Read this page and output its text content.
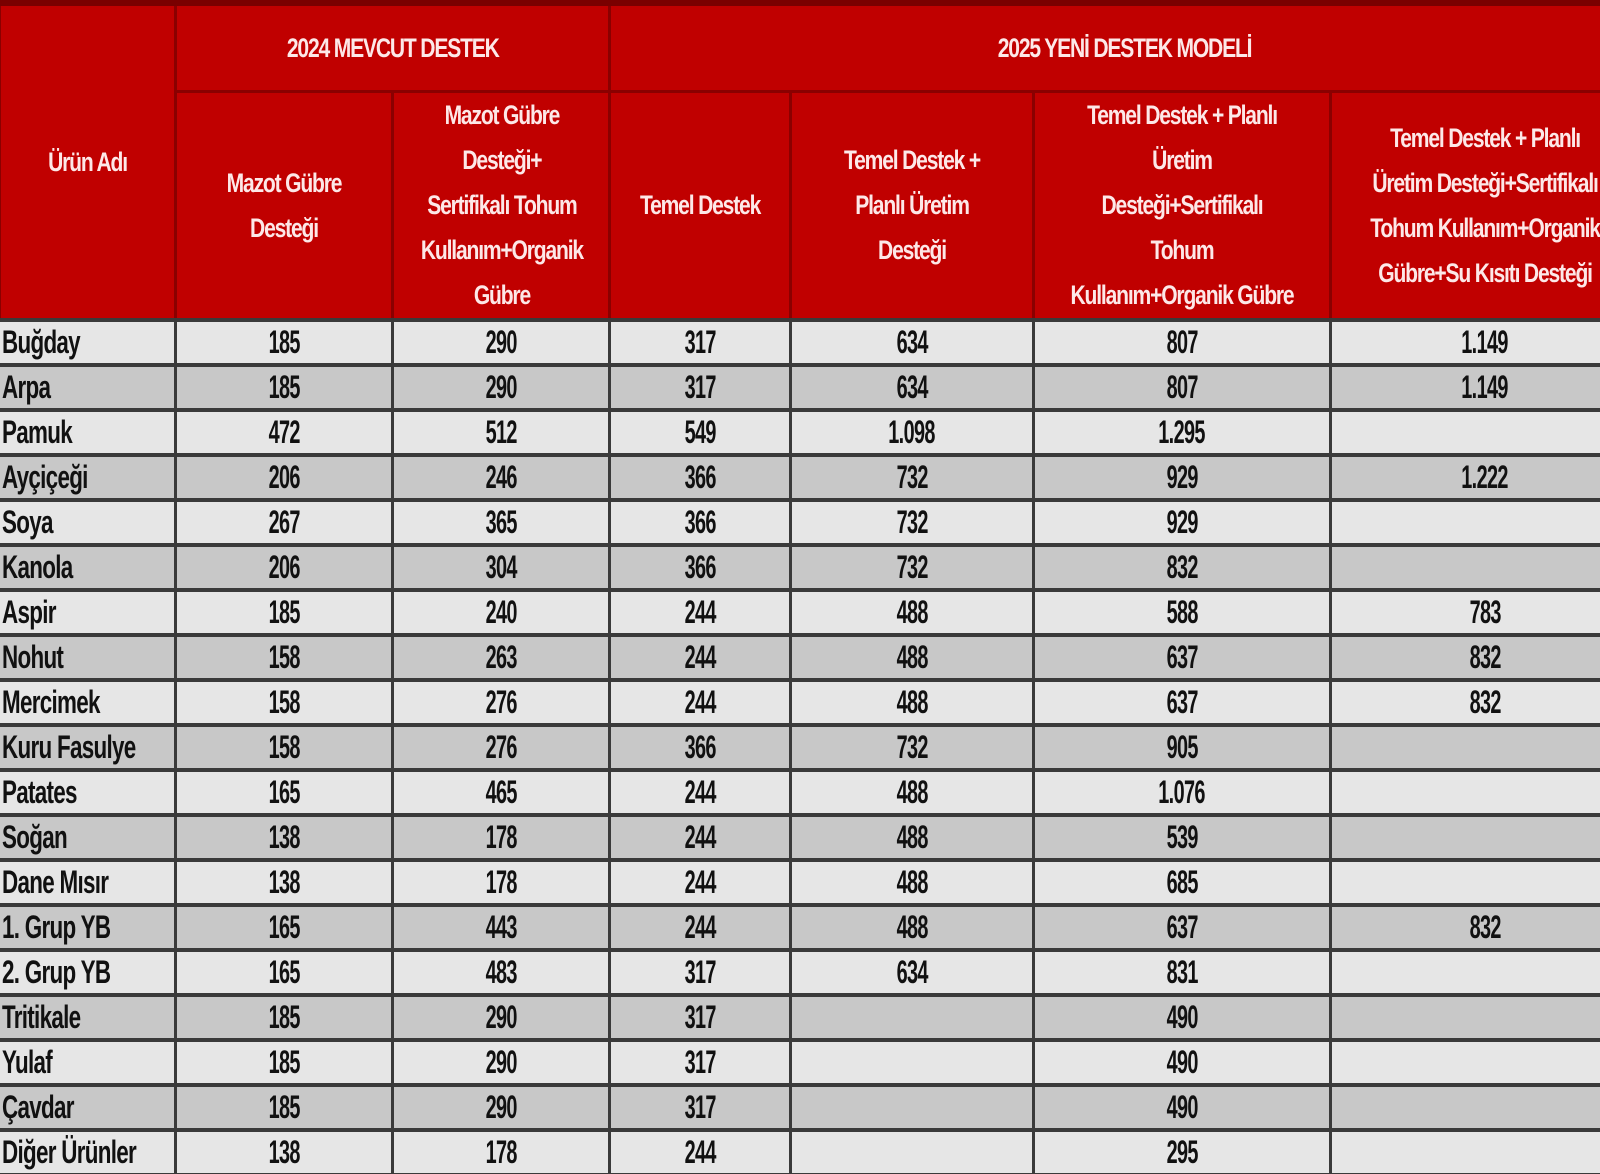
Ürün Adı	2024 MEVCUT DESTEK		2025 YENİ DESTEK MODELİ			
	Mazot Gübre Desteği	Mazot Gübre Desteği+ Sertifikalı Tohum Kullanım+Organik Gübre	Temel Destek	Temel Destek + Planlı Üretim Desteği	Temel Destek + Planlı Üretim Desteği+Sertifikalı Tohum Kullanım+Organik Gübre	Temel Destek + Planlı Üretim Desteği+Sertifikalı Tohum Kullanım+Organik Gübre+Su Kısıtı Desteği
Buğday	185	290	317	634	807	1.149
Arpa	185	290	317	634	807	1.149
Pamuk	472	512	549	1.098	1.295	
Ayçiçeği	206	246	366	732	929	1.222
Soya	267	365	366	732	929	
Kanola	206	304	366	732	832	
Aspir	185	240	244	488	588	783
Nohut	158	263	244	488	637	832
Mercimek	158	276	244	488	637	832
Kuru Fasulye	158	276	366	732	905	
Patates	165	465	244	488	1.076	
Soğan	138	178	244	488	539	
Dane Mısır	138	178	244	488	685	
1. Grup YB	165	443	244	488	637	832
2. Grup YB	165	483	317	634	831	
Tritikale	185	290	317		490	
Yulaf	185	290	317		490	
Çavdar	185	290	317		490	
Diğer Ürünler	138	178	244		295	
